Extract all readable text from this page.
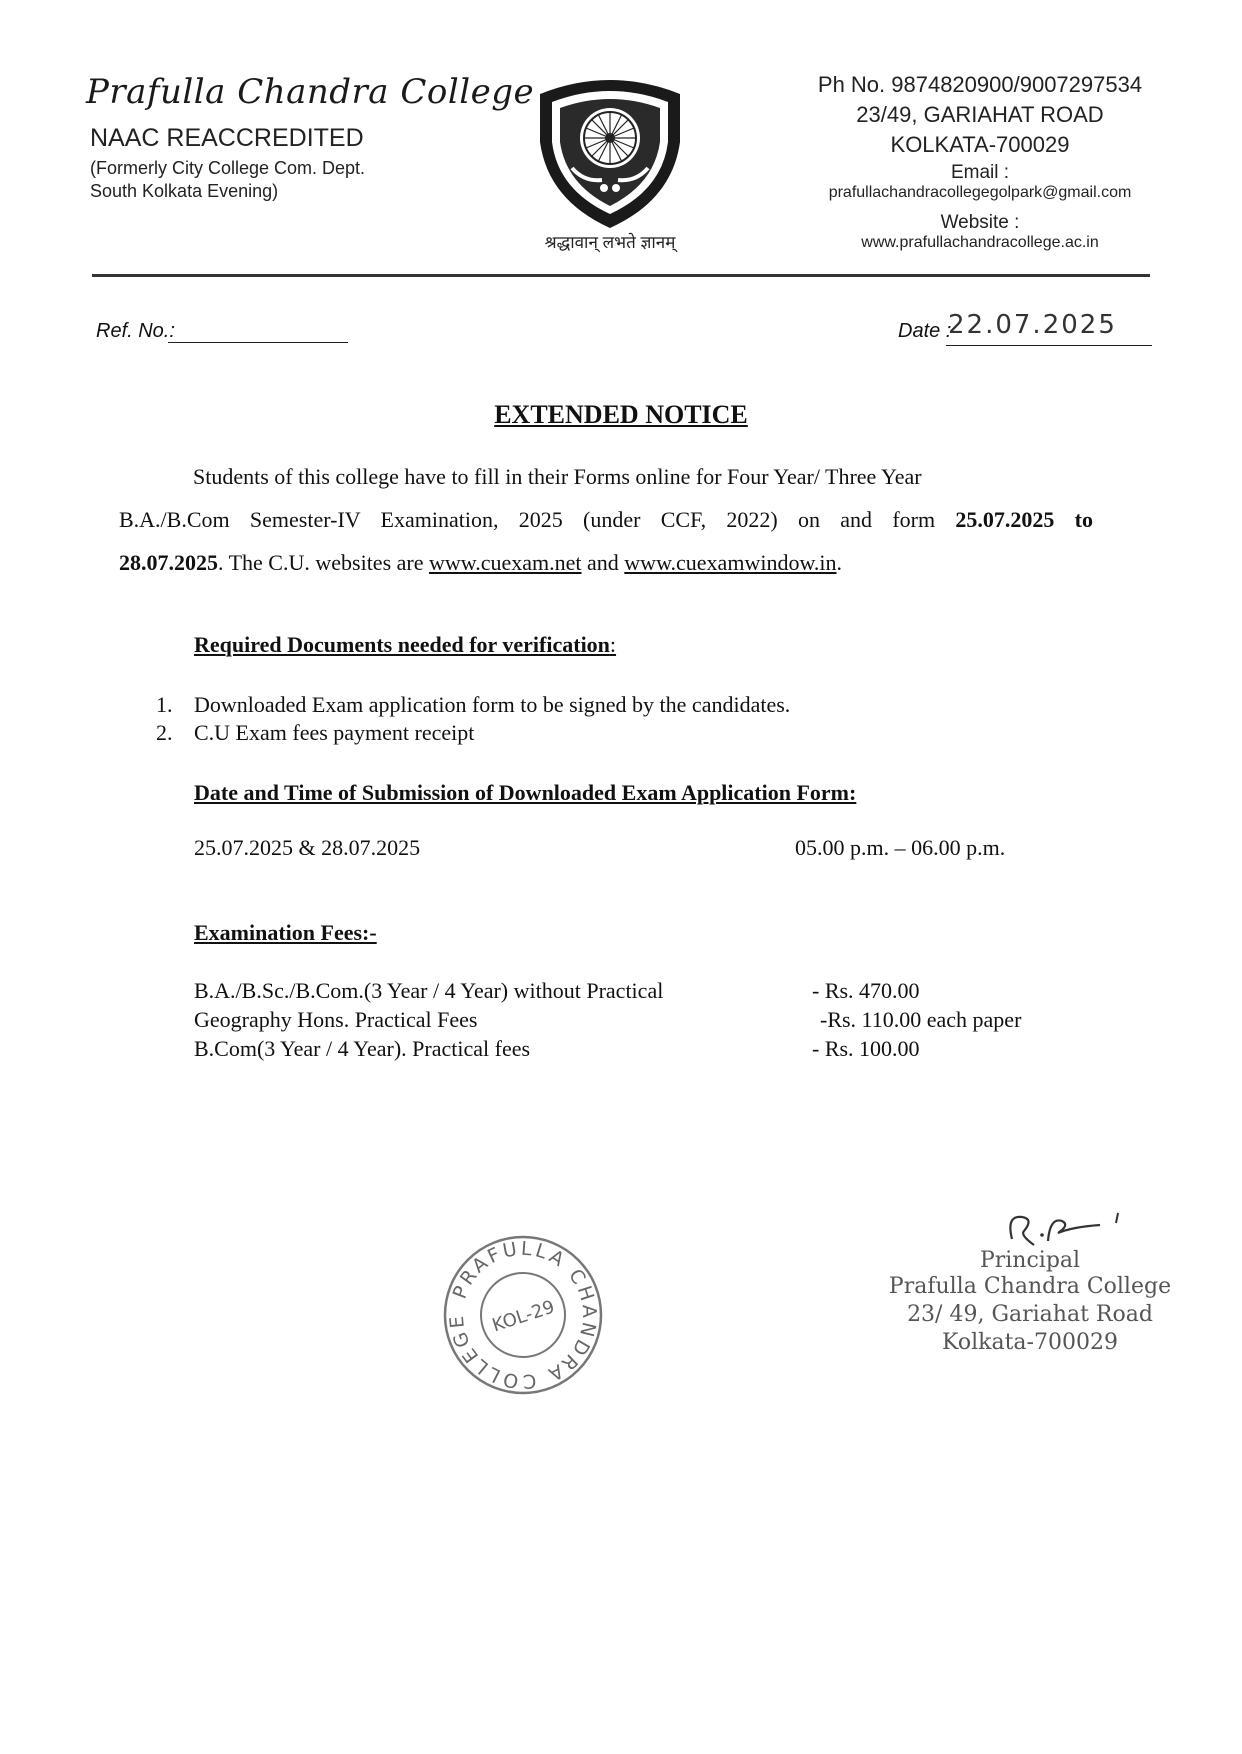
Prafulla Chandra College
NAAC REACCREDITED
(Formerly City College Com. Dept.
South Kolkata Evening)
श्रद्धावान् लभते ज्ञानम्
Ph No. 9874820900/9007297534
23/49, GARIAHAT ROAD
KOLKATA-700029
Email :
prafullachandracollegegolpark@gmail.com
Website :
www.prafullachandracollege.ac.in
Ref. No.:	Date :
22.07.2025
EXTENDED NOTICE
Students of this college have to fill in their Forms online for Four Year/ Three Year
B.A./B.Com Semester-IV Examination, 2025 (under CCF, 2022) on and form 25.07.2025 to
28.07.2025. The C.U. websites are www.cuexam.net and www.cuexamwindow.in.
Required Documents needed for verification:
1. Downloaded Exam application form to be signed by the candidates.
2. C.U Exam fees payment receipt
Date and Time of Submission of Downloaded Exam Application Form:
25.07.2025 & 28.07.2025	05.00 p.m. – 06.00 p.m.
Examination Fees:-
B.A./B.Sc./B.Com.(3 Year / 4 Year) without Practical	- Rs. 470.00
Geography Hons. Practical Fees	-Rs. 110.00 each paper
B.Com(3 Year / 4 Year). Practical fees	- Rs. 100.00
PRAFULLA CHANDRA COLLEGE	KOL-29
Principal
Prafulla Chandra College
23/ 49, Gariahat Road
Kolkata-700029
